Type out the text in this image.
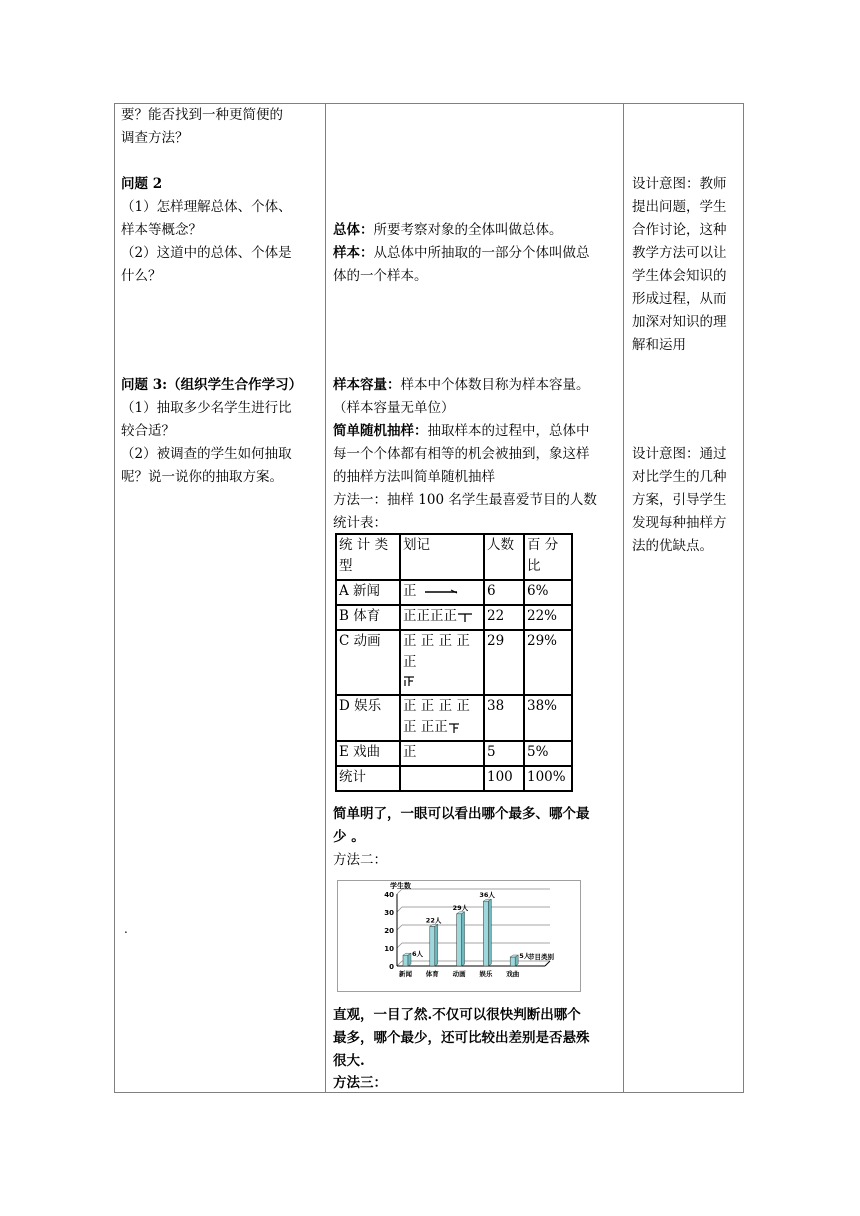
要？能否找到一种更简便的
调查方法？
问题 2
（1）怎样理解总体、个体、
样本等概念？
（2）这道中的总体、个体是
什么？
问题 3:（组织学生合作学习）
（1）抽取多少名学生进行比
较合适？
（2）被调查的学生如何抽取
呢？说一说你的抽取方案。
.
总体：所要考察对象的全体叫做总体。
样本：从总体中所抽取的一部分个体叫做总
体的一个样本。
样本容量：样本中个体数目称为样本容量。
（样本容量无单位）
简单随机抽样：抽取样本的过程中，总体中
每一个个体都有相等的机会被抽到，象这样
的抽样方法叫简单随机抽样
方法一：抽样 100 名学生最喜爱节目的人数
统计表：
统 计 类型	划记	人数	百 分比
A 新闻	正	6	6%
B 体育	正正正正	22	22%
C 动画	正 正 正 正 正	29	29%
D 娱乐	正 正 正 正 正 正正	38	38%
E 戏曲	正	5	5%
统计		100	100%
简单明了，一眼可以看出哪个最多、哪个最
少 。
方法二：
0
10
20
30
40
学生数
6人
新闻
22人
体育
29人
动画
36人
娱乐
5人
戏曲
节目类别
直观，一目了然.不仅可以很快判断出哪个
最多，哪个最少，还可比较出差别是否悬殊
很大.
方法三：
设计意图：教师
提出问题，学生
合作讨论，这种
教学方法可以让
学生体会知识的
形成过程，从而
加深对知识的理
解和运用
设计意图：通过
对比学生的几种
方案，引导学生
发现每种抽样方
法的优缺点。
